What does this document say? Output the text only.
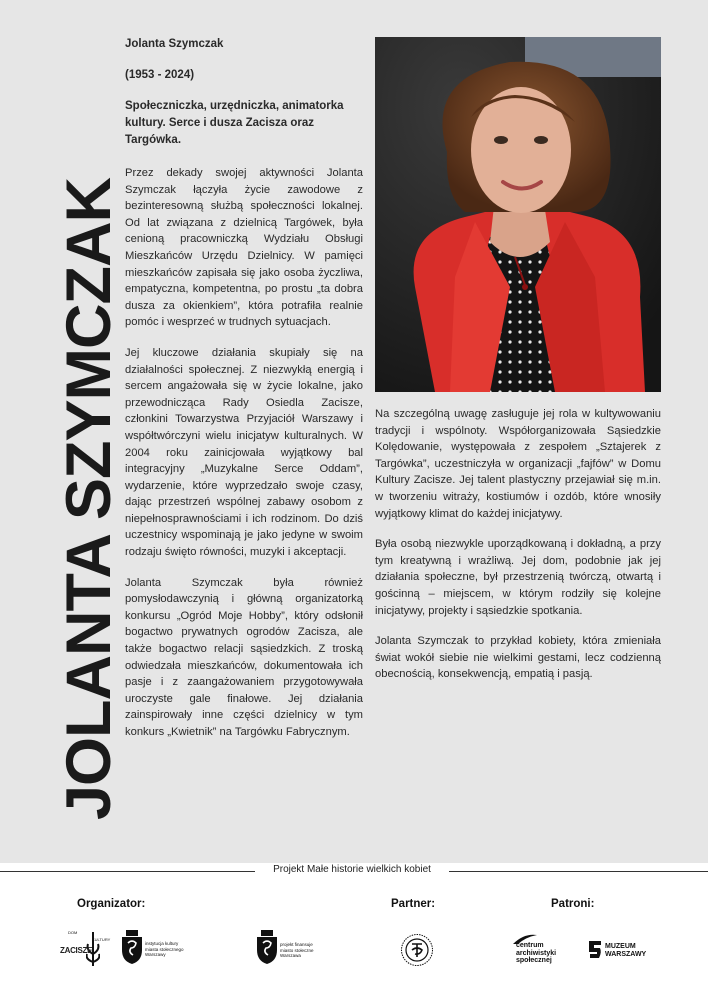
JOLANTA SZYMCZAK

Jolanta Szymczak

(1953 - 2024)

Społeczniczka, urzędniczka, animatorka kultury. Serce i dusza Zacisza oraz Targówka.

Przez dekady swojej aktywności Jolanta Szymczak łączyła życie zawodowe z bezinteresowną służbą społeczności lokalnej. Od lat związana z dzielnicą Targówek, była cenioną pracowniczką Wydziału Obsługi Mieszkańców Urzędu Dzielnicy. W pamięci mieszkańców zapisała się jako osoba życzliwa, empatyczna, kompetentna, po prostu „ta dobra dusza za okienkiem”, która potrafiła realnie pomóc i wesprzeć w trudnych sytuacjach.

Jej kluczowe działania skupiały się na działalności społecznej. Z niezwykłą energią i sercem angażowała się w życie lokalne, jako przewodnicząca Rady Osiedla Zacisze, członkini Towarzystwa Przyjaciół Warszawy i współtwórczyni wielu inicjatyw kulturalnych. W 2004 roku zainicjowała wyjątkowy bal integracyjny „Muzykalne Serce Oddam”, wydarzenie, które wyprzedzało swoje czasy, dając przestrzeń wspólnej zabawy osobom z niepełnosprawnościami i ich rodzinom. Do dziś uczestnicy wspominają je jako jedyne w swoim rodzaju święto równości, muzyki i akceptacji.

Jolanta Szymczak była również pomysłodawczynią i główną organizatorką konkursu „Ogród Moje Hobby”, który odsłonił bogactwo prywatnych ogrodów Zacisza, ale także bogactwo relacji sąsiedzkich. Z troską odwiedzała mieszkańców, dokumentowała ich pasje i z zaangażowaniem przygotowywała uroczyste gale finałowe. Jej działania zainspirowały inne części dzielnicy w tym konkurs „Kwietnik” na Targówku Fabrycznym.

Na szczególną uwagę zasługuje jej rola w kultywowaniu tradycji i wspólnoty. Współorganizowała Sąsiedzkie Kolędowanie, występowała z zespołem „Sztajerek z Targówka”, uczestniczyła w organizacji „fajfów” w Domu Kultury Zacisze. Jej talent plastyczny przejawiał się m.in. w tworzeniu witraży, kostiumów i ozdób, które wnosiły wyjątkowy klimat do każdej inicjatywy.

Była osobą niezwykle uporządkowaną i dokładną, a przy tym kreatywną i wrażliwą. Jej dom, podobnie jak jej działania społeczne, był przestrzenią twórczą, otwartą i gościnną – miejscem, w którym rodziły się kolejne inicjatywy, projekty i sąsiedzkie spotkania.

Jolanta Szymczak to przykład kobiety, która zmieniała świat wokół siebie nie wielkimi gestami, lecz codzienną obecnością, konsekwencją, empatią i pasją.

Projekt Małe historie wielkich kobiet
Organizator:	Partner:	Patroni:
DOM
KULTURY
ZACISZE
instytucja kultury miasta stołecznego Warszawy
projekt finansuje miasto stołeczne Warszawa
centrum archiwistyki społecznej
MUZEUM WARSZAWY
